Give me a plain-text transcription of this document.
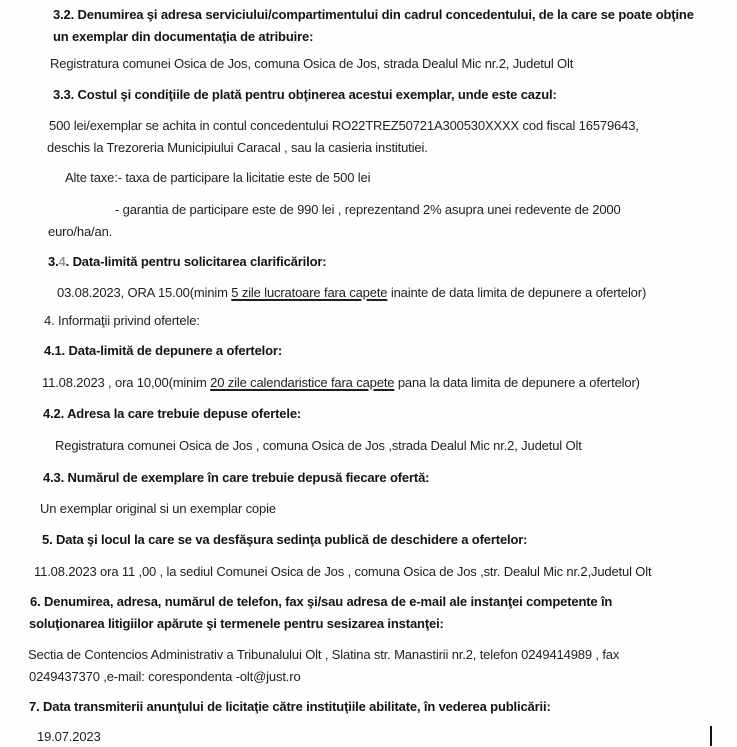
3.2. Denumirea şi adresa serviciului/compartimentului din cadrul concedentului, de la care se poate obţine
un exemplar din documentaţia de atribuire:
Registratura comunei Osica de Jos, comuna Osica de Jos, strada Dealul Mic nr.2, Judetul Olt
3.3. Costul şi condiţiile de plată pentru obţinerea acestui exemplar, unde este cazul:
500 lei/exemplar se achita in contul concedentului RO22TREZ50721A300530XXXX cod fiscal 16579643,
deschis la Trezoreria Municipiului Caracal , sau la casieria institutiei.
Alte taxe:- taxa de participare la licitatie este de 500 lei
- garantia de participare este de 990 lei , reprezentand 2% asupra unei redevente de 2000
euro/ha/an.
3.4. Data-limită pentru solicitarea clarificărilor:
03.08.2023, ORA 15.00(minim 5 zile lucratoare fara capete inainte de data limita de depunere a ofertelor)
4. Informaţii privind ofertele:
4.1. Data-limită de depunere a ofertelor:
11.08.2023 , ora 10,00(minim 20 zile calendaristice fara capete pana la data limita de depunere a ofertelor)
4.2. Adresa la care trebuie depuse ofertele:
Registratura comunei Osica de Jos , comuna Osica de Jos ,strada Dealul Mic nr.2, Judetul Olt
4.3. Numărul de exemplare în care trebuie depusă fiecare ofertă:
Un exemplar original si un exemplar copie
5. Data şi locul la care se va desfăşura sedinţa publică de deschidere a ofertelor:
11.08.2023 ora 11 ,00 , la sediul Comunei Osica de Jos , comuna Osica de Jos ,str. Dealul Mic nr.2,Judetul Olt
6. Denumirea, adresa, numărul de telefon, fax şi/sau adresa de e-mail ale instanţei competente în
soluţionarea litigiilor apărute şi termenele pentru sesizarea instanţei:
Sectia de Contencios Administrativ a Tribunalului Olt , Slatina str. Manastirii nr.2, telefon 0249414989 , fax
0249437370 ,e-mail: corespondenta -olt@just.ro
7. Data transmiterii anunţului de licitaţie către instituţiile abilitate, în vederea publicării:
19.07.2023
